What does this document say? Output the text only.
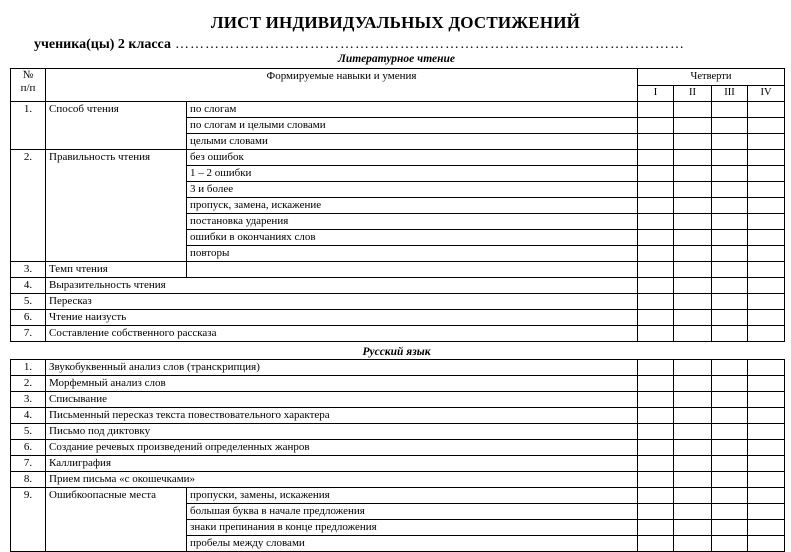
ЛИСТ ИНДИВИДУАЛЬНЫХ ДОСТИЖЕНИЙ
ученика(цы) 2 класса …………………………………………………………………………………………
Литературное чтение
№
п/п	Формируемые навыки и умения		Четверти			
			I	II	III	IV
1.	Способ чтения	по слогам				
		по слогам и целыми словами				
		целыми словами				
2.	Правильность чтения	без ошибок				
		1 – 2 ошибки				
		3 и более				
		пропуск, замена, искажение				
		постановка ударения				
		ошибки в окончаниях слов				
		повторы				
3.	Темп чтения					
4.	Выразительность чтения					
5.	Пересказ					
6.	Чтение наизусть					
7.	Составление собственного рассказа					
Русский язык
1.	Звукобуквенный анализ слов (транскрипция)					
2.	Морфемный анализ слов					
3.	Списывание					
4.	Письменный пересказ текста повествовательного характера					
5.	Письмо под диктовку					
6.	Создание речевых произведений определенных жанров					
7.	Каллиграфия					
8.	Прием письма «с окошечками»					
9.	Ошибкоопасные места	пропуски, замены, искажения				
		большая буква в начале предложения				
		знаки препинания в конце предложения				
		пробелы между словами				
